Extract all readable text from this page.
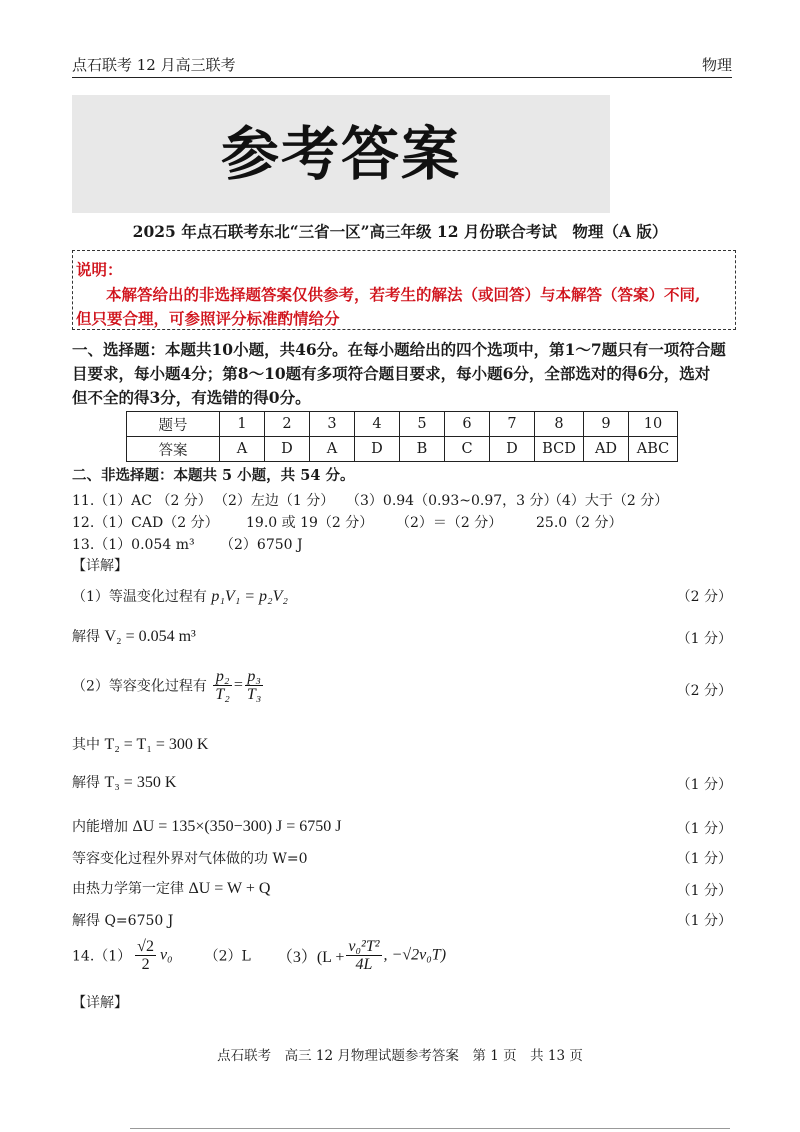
点石联考 12 月高三联考	物理
参考答案
2025 年点石联考东北“三省一区”高三年级 12 月份联合考试　物理（A 版）
说明：
本解答给出的非选择题答案仅供参考，若考生的解法（或回答）与本解答（答案）不同,
但只要合理，可参照评分标准酌情给分
一、选择题：本题共10小题，共46分。在每小题给出的四个选项中，第1～7题只有一项符合题
目要求，每小题4分；第8～10题有多项符合题目要求，每小题6分，全部选对的得6分，选对
但不全的得3分，有选错的得0分。
题号	1	2	3	4	5	6	7	8	9	10
答案	A	D	A	D	B	C	D	BCD	AD	ABC
二、非选择题：本题共 5 小题，共 54 分。
11.（1）AC （2 分） （2）左边（1 分） （3）0.94（0.93~0.97，3 分）
（4）大于（2 分）
12.（1）CAD（2 分） 19.0 或 19（2 分） （2）＝（2 分） 25.0（2 分）
13.（1）0.054 m³ （2）6750 J
【详解】
（1）等温变化过程有 p₁V₁ = p₂V₂	（2 分）
解得 V₂ = 0.054 m³	（1 分）
（2）等容变化过程有 $\frac{\text{p₂}}{\text{T₂}} = \frac{\text{p₃}}{\text{T₃}}$	（2 分）
其中 T₂ = T₁ = 300 K
解得 T₃ = 350 K	（1 分）
内能增加 ΔU = 135×(350−300) J = 6750 J	（1 分）
等容变化过程外界对气体做的功 W=0	（1 分）
由热力学第一定律 ΔU = W + Q	（1 分）
解得 Q=6750 J	（1 分）
$14.(1) \frac{√2}{2} v_0$ （2）L $(3)(L + \frac{\text{v₀²T²}}{4L}$ , −√2v₀T)
【详解】
点石联考　高三 12 月物理试题参考答案　第 1 页　共 13 页
